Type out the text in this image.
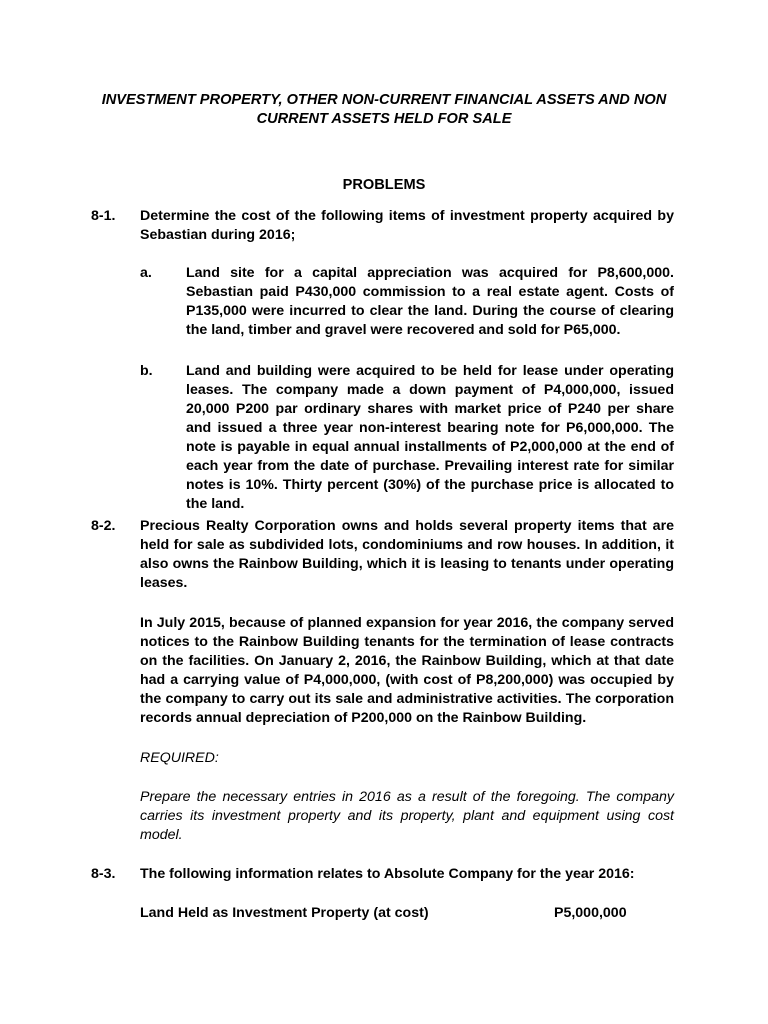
INVESTMENT PROPERTY, OTHER NON-CURRENT FINANCIAL ASSETS AND NON
CURRENT ASSETS HELD FOR SALE
PROBLEMS
8-1. Determine the cost of the following items of investment property acquired by Sebastian during 2016;
a. Land site for a capital appreciation was acquired for P8,600,000. Sebastian paid P430,000 commission to a real estate agent. Costs of P135,000 were incurred to clear the land. During the course of clearing the land, timber and gravel were recovered and sold for P65,000.
b. Land and building were acquired to be held for lease under operating leases. The company made a down payment of P4,000,000, issued 20,000 P200 par ordinary shares with market price of P240 per share and issued a three year non-interest bearing note for P6,000,000. The note is payable in equal annual installments of P2,000,000 at the end of each year from the date of purchase. Prevailing interest rate for similar notes is 10%. Thirty percent (30%) of the purchase price is allocated to the land.
8-2. Precious Realty Corporation owns and holds several property items that are held for sale as subdivided lots, condominiums and row houses. In addition, it also owns the Rainbow Building, which it is leasing to tenants under operating leases.
In July 2015, because of planned expansion for year 2016, the company served notices to the Rainbow Building tenants for the termination of lease contracts on the facilities. On January 2, 2016, the Rainbow Building, which at that date had a carrying value of P4,000,000, (with cost of P8,200,000) was occupied by the company to carry out its sale and administrative activities. The corporation records annual depreciation of P200,000 on the Rainbow Building.
REQUIRED:
Prepare the necessary entries in 2016 as a result of the foregoing. The company carries its investment property and its property, plant and equipment using cost model.
8-3. The following information relates to Absolute Company for the year 2016:
Land Held as Investment Property (at cost)	P5,000,000
